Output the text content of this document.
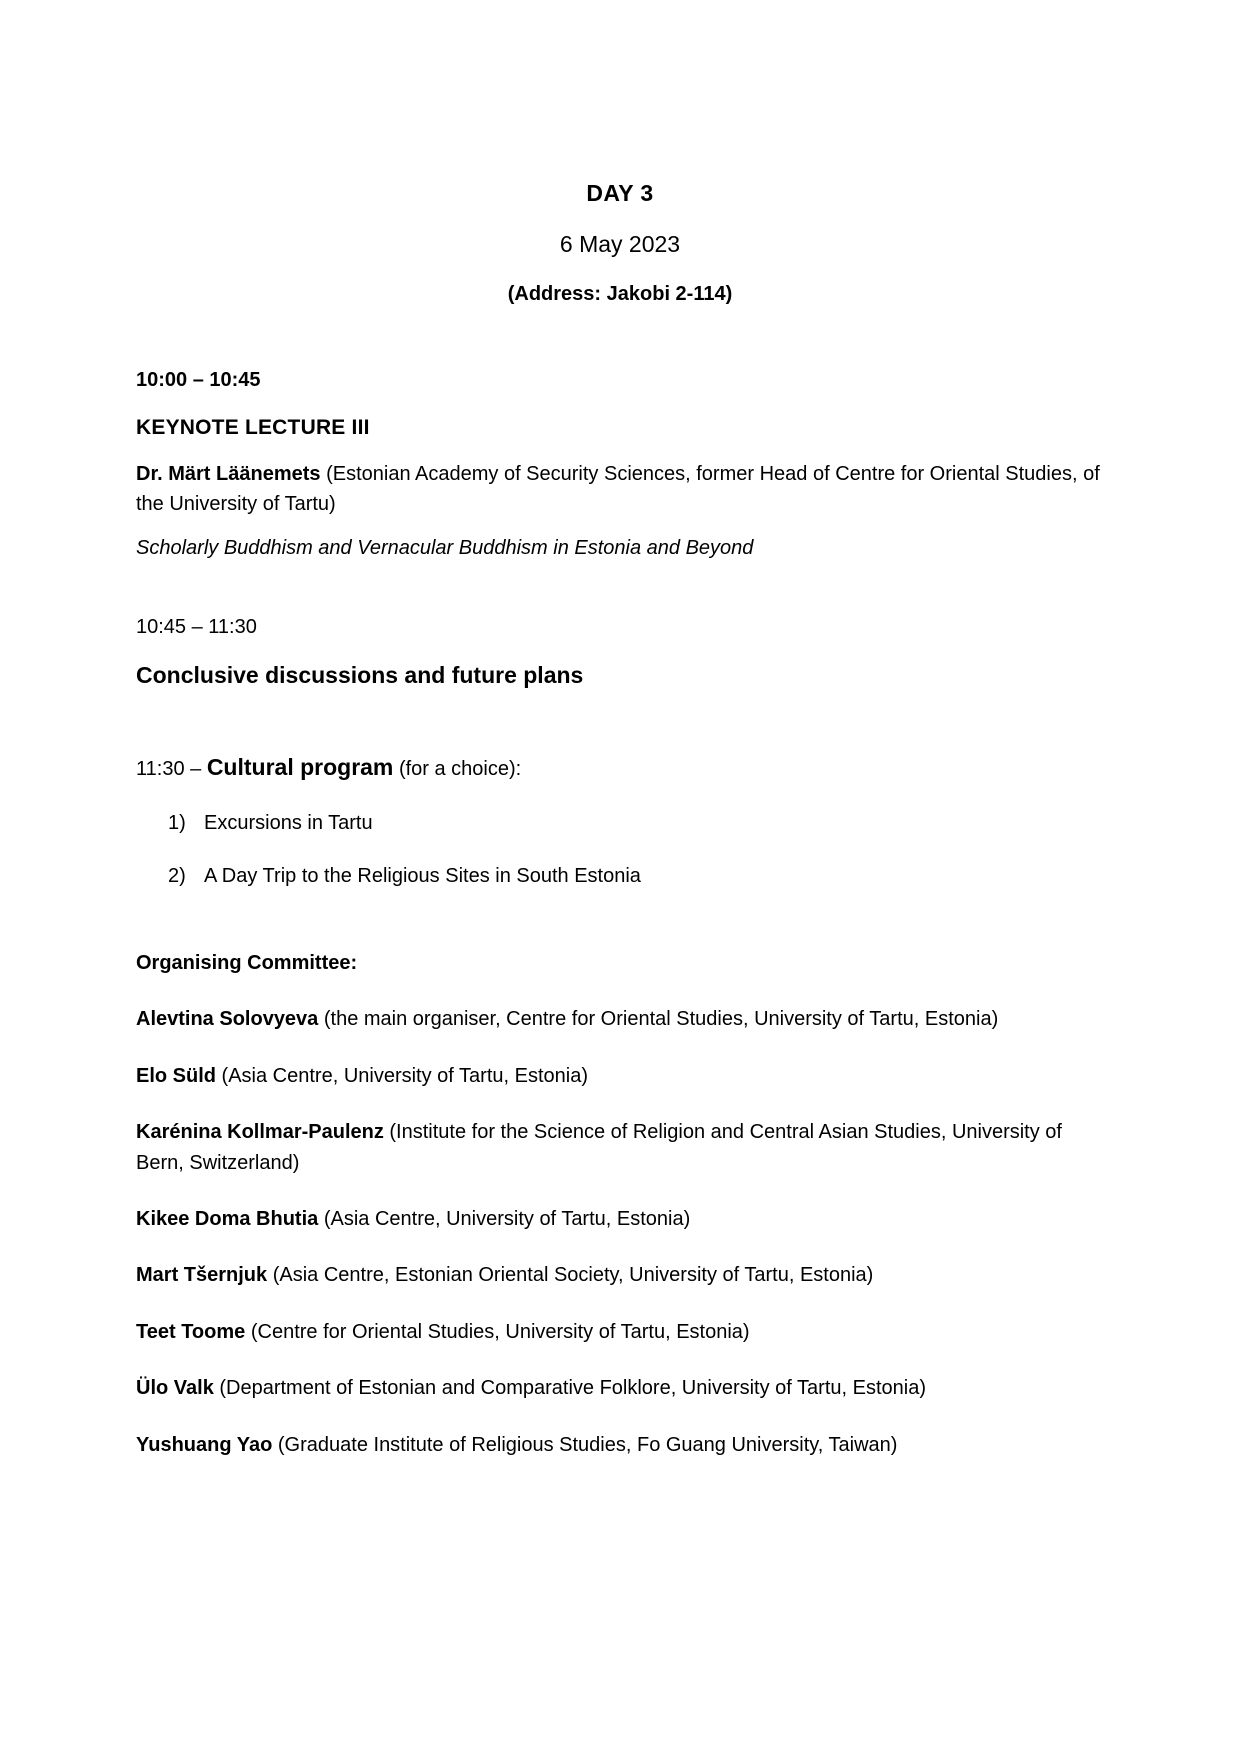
DAY 3
6 May 2023
(Address: Jakobi 2-114)
10:00 – 10:45
KEYNOTE LECTURE III
Dr. Märt Läänemets (Estonian Academy of Security Sciences, former Head of Centre for Oriental Studies, of the University of Tartu)
Scholarly Buddhism and Vernacular Buddhism in Estonia and Beyond
10:45 – 11:30
Conclusive discussions and future plans
11:30 – Cultural program (for a choice):
1) Excursions in Tartu
2) A Day Trip to the Religious Sites in South Estonia
Organising Committee:
Alevtina Solovyeva (the main organiser, Centre for Oriental Studies, University of Tartu, Estonia)
Elo Süld (Asia Centre, University of Tartu, Estonia)
Karénina Kollmar-Paulenz (Institute for the Science of Religion and Central Asian Studies, University of Bern, Switzerland)
Kikee Doma Bhutia (Asia Centre, University of Tartu, Estonia)
Mart Tšernjuk (Asia Centre, Estonian Oriental Society, University of Tartu, Estonia)
Teet Toome (Centre for Oriental Studies, University of Tartu, Estonia)
Ülo Valk (Department of Estonian and Comparative Folklore, University of Tartu, Estonia)
Yushuang Yao (Graduate Institute of Religious Studies, Fo Guang University, Taiwan)
